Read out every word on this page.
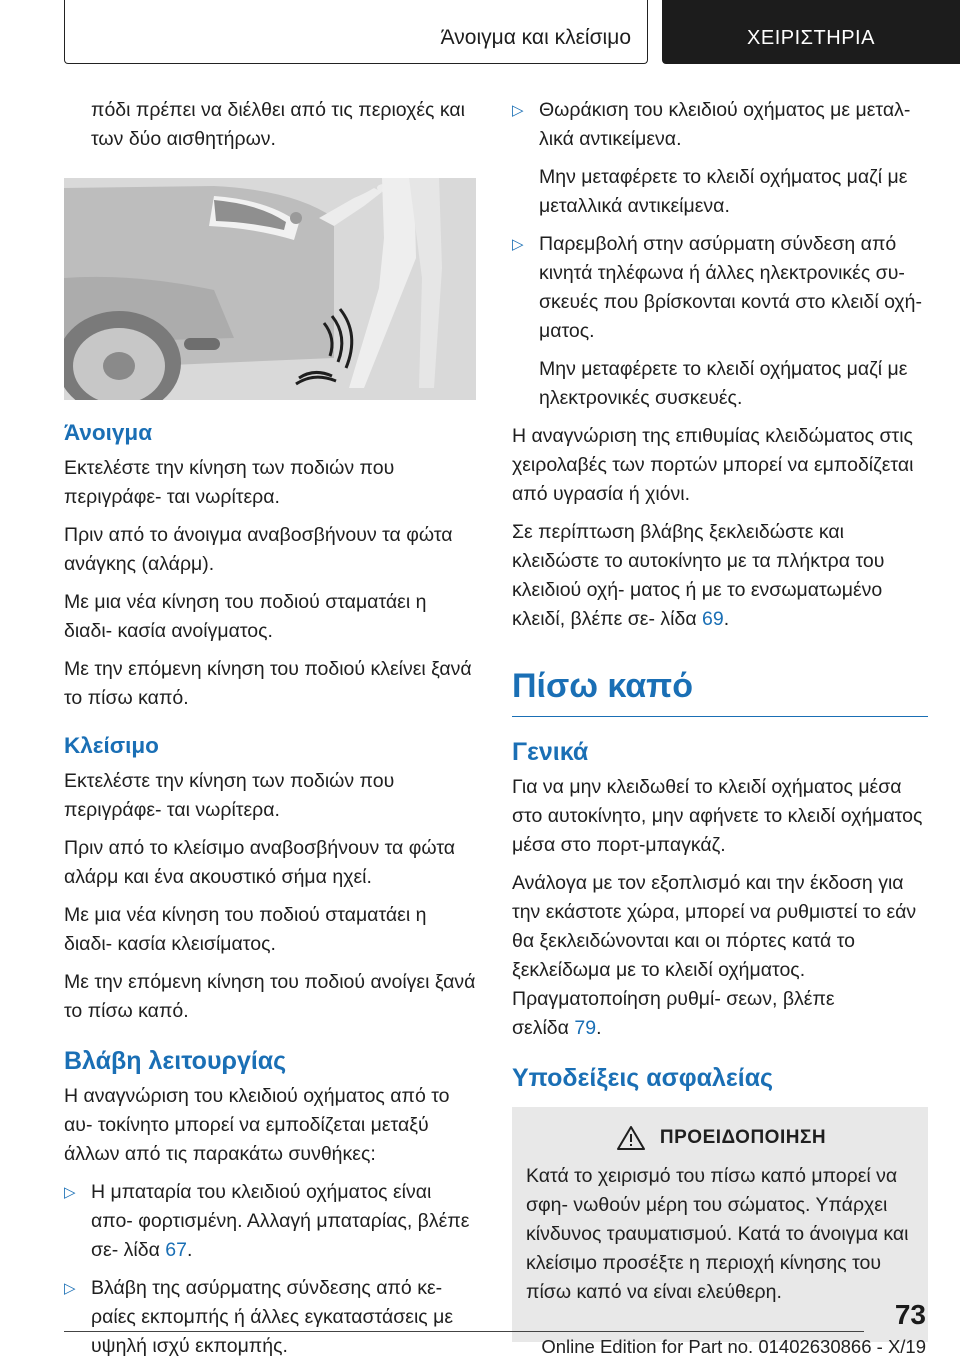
Άνοιγμα και κλείσιμο	ΧΕΙΡΙΣΤΗΡΙΑ

πόδι πρέπει να διέλθει από τις περιοχές και των δύο αισθητήρων.

Άνοιγμα

Εκτελέστε την κίνηση των ποδιών που περιγράφε‐ ται νωρίτερα.

Πριν από το άνοιγμα αναβοσβήνουν τα φώτα ανάγκης (αλάρμ).

Με μια νέα κίνηση του ποδιού σταματάει η διαδι‐ κασία ανοίγματος.

Με την επόμενη κίνηση του ποδιού κλείνει ξανά το πίσω καπό.

Κλείσιμο

Εκτελέστε την κίνηση των ποδιών που περιγράφε‐ ται νωρίτερα.

Πριν από το κλείσιμο αναβοσβήνουν τα φώτα αλάρμ και ένα ακουστικό σήμα ηχεί.

Με μια νέα κίνηση του ποδιού σταματάει η διαδι‐ κασία κλεισίματος.

Με την επόμενη κίνηση του ποδιού ανοίγει ξανά το πίσω καπό.

Βλάβη λειτουργίας

Η αναγνώριση του κλειδιού οχήματος από το αυ‐ τοκίνητο μπορεί να εμποδίζεται μεταξύ άλλων από τις παρακάτω συνθήκες:

▷ Η μπαταρία του κλειδιού οχήματος είναι απο‐ φορτισμένη. Αλλαγή μπαταρίας, βλέπε σε‐ λίδα 67.
▷ Βλάβη της ασύρματης σύνδεσης από κε‐ ραίες εκπομπής ή άλλες εγκαταστάσεις με υψηλή ισχύ εκπομπής.
▷ Θωράκιση του κλειδιού οχήματος με μεταλ‐ λικά αντικείμενα.

Μην μεταφέρετε το κλειδί οχήματος μαζί με μεταλλικά αντικείμενα.

▷ Παρεμβολή στην ασύρματη σύνδεση από κινητά τηλέφωνα ή άλλες ηλεκτρονικές συ‐ σκευές που βρίσκονται κοντά στο κλειδί οχή‐ ματος.

Μην μεταφέρετε το κλειδί οχήματος μαζί με ηλεκτρονικές συσκευές.

Η αναγνώριση της επιθυμίας κλειδώματος στις χειρολαβές των πορτών μπορεί να εμποδίζεται από υγρασία ή χιόνι.

Σε περίπτωση βλάβης ξεκλειδώστε και κλειδώστε το αυτοκίνητο με τα πλήκτρα του κλειδιού οχή‐ ματος ή με το ενσωματωμένο κλειδί, βλέπε σε‐ λίδα 69.

Πίσω καπό
Γενικά

Για να μην κλειδωθεί το κλειδί οχήματος μέσα στο αυτοκίνητο, μην αφήνετε το κλειδί οχήματος μέσα στο πορτ-μπαγκάζ.

Ανάλογα με τον εξοπλισμό και την έκδοση για την εκάστοτε χώρα, μπορεί να ρυθμιστεί το εάν θα ξεκλειδώνονται και οι πόρτες κατά το ξεκλείδωμα με το κλειδί οχήματος. Πραγματοποίηση ρυθμί‐ σεων, βλέπε σελίδα 79.

Υποδείξεις ασφαλείας
ΠΡΟΕΙΔΟΠΟΙΗΣΗ

Κατά το χειρισμό του πίσω καπό μπορεί να σφη‐ νωθούν μέρη του σώματος. Υπάρχει κίνδυνος τραυματισμού. Κατά το άνοιγμα και κλείσιμο προσέξτε η περιοχή κίνησης του πίσω καπό να είναι ελεύθερη.

73
Online Edition for Part no. 01402630866 - X/19
